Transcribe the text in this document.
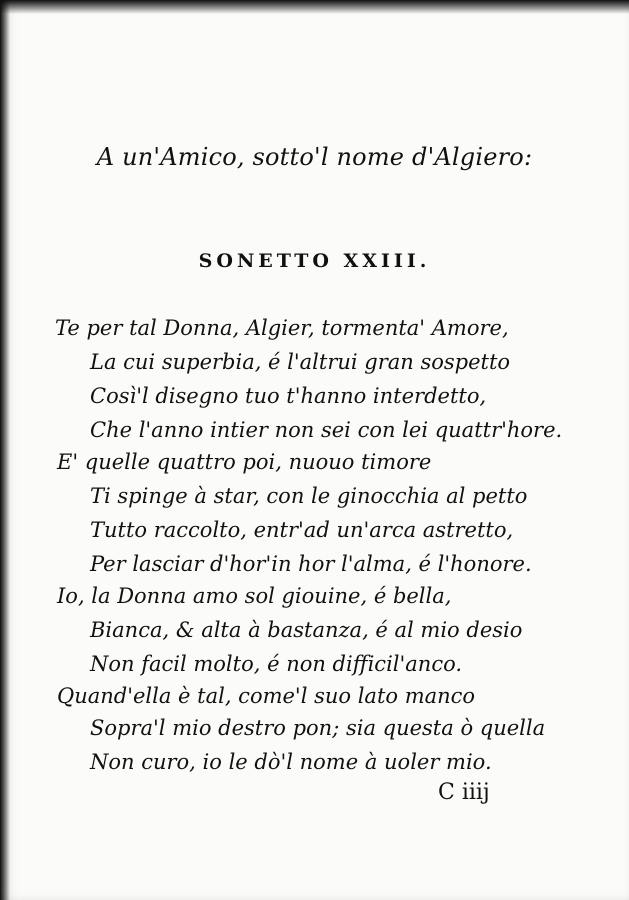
A un'Amico, sotto'l nome d'Algiero:
SONETTO XXIII.
Te per tal Donna, Algier, tormenta' Amore,
La cui superbia, é l'altrui gran sospetto
Così'l disegno tuo t'hanno interdetto,
Che l'anno intier non sei con lei quattr'hore.
E' quelle quattro poi, nuouo timore
Ti spinge à star, con le ginocchia al petto
Tutto raccolto, entr'ad un'arca astretto,
Per lasciar d'hor'in hor l'alma, é l'honore.
Io, la Donna amo sol giouine, é bella,
Bianca, & alta à bastanza, é al mio desio
Non facil molto, é non difficil'anco.
Quand'ella è tal, come'l suo lato manco
Sopra'l mio destro pon; sia questa ò quella
Non curo, io le dò'l nome à uoler mio.
C iiij
